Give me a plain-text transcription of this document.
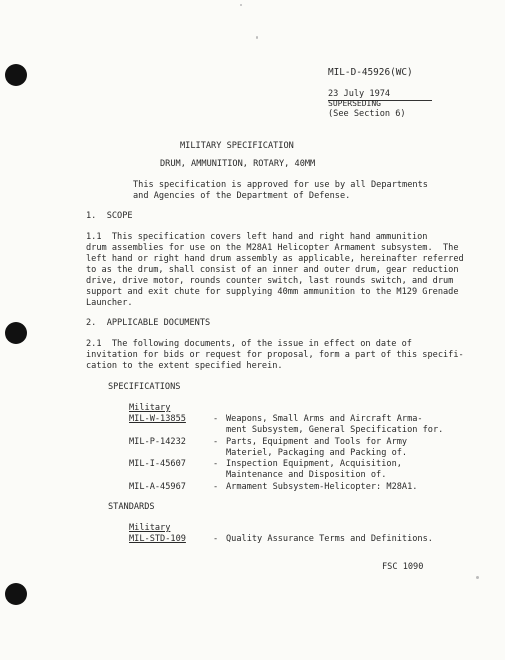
MIL-D-45926(WC)
23 July 1974
SUPERSEDING
(See Section 6)
MILITARY SPECIFICATION
DRUM, AMMUNITION, ROTARY, 40MM
This specification is approved for use by all Departments
and Agencies of the Department of Defense.
1.  SCOPE
1.1  This specification covers left hand and right hand ammunition
drum assemblies for use on the M28A1 Helicopter Armament subsystem.  The
left hand or right hand drum assembly as applicable, hereinafter referred
to as the drum, shall consist of an inner and outer drum, gear reduction
drive, drive motor, rounds counter switch, last rounds switch, and drum
support and exit chute for supplying 40mm ammunition to the M129 Grenade
Launcher.
2.  APPLICABLE DOCUMENTS
2.1  The following documents, of the issue in effect on date of
invitation for bids or request for proposal, form a part of this specifi-
cation to the extent specified herein.
SPECIFICATIONS
Military
MIL-W-13855	- Weapons, Small Arms and Aircraft Arma-
ment Subsystem, General Specification for.
MIL-P-14232	- Parts, Equipment and Tools for Army
Materiel, Packaging and Packing of.
MIL-I-45607	- Inspection Equipment, Acquisition,
Maintenance and Disposition of.
MIL-A-45967	- Armament Subsystem-Helicopter: M28A1.
STANDARDS
Military
MIL-STD-109	- Quality Assurance Terms and Definitions.
FSC 1090
